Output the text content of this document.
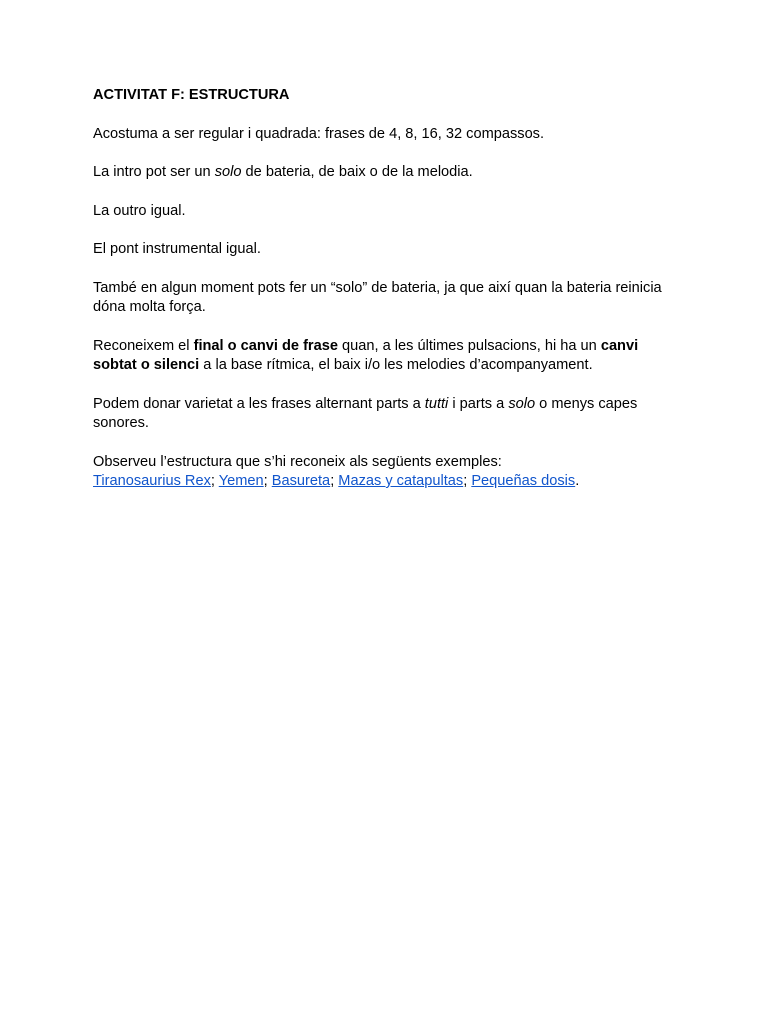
ACTIVITAT F: ESTRUCTURA

Acostuma a ser regular i quadrada: frases de 4, 8, 16, 32 compassos.

La intro pot ser un solo de bateria, de baix o de la melodia.

La outro igual.

El pont instrumental igual.

També en algun moment pots fer un “solo” de bateria, ja que així quan la bateria reinicia dóna molta força.

Reconeixem el final o canvi de frase quan, a les últimes pulsacions, hi ha un canvi sobtat o silenci a la base rítmica, el baix i/o les melodies d’acompanyament.

Podem donar varietat a les frases alternant parts a tutti i parts a solo o menys capes sonores.

Observeu l’estructura que s’hi reconeix als següents exemples:

Tiranosaurius Rex; Yemen; Basureta; Mazas y catapultas; Pequeñas dosis.
